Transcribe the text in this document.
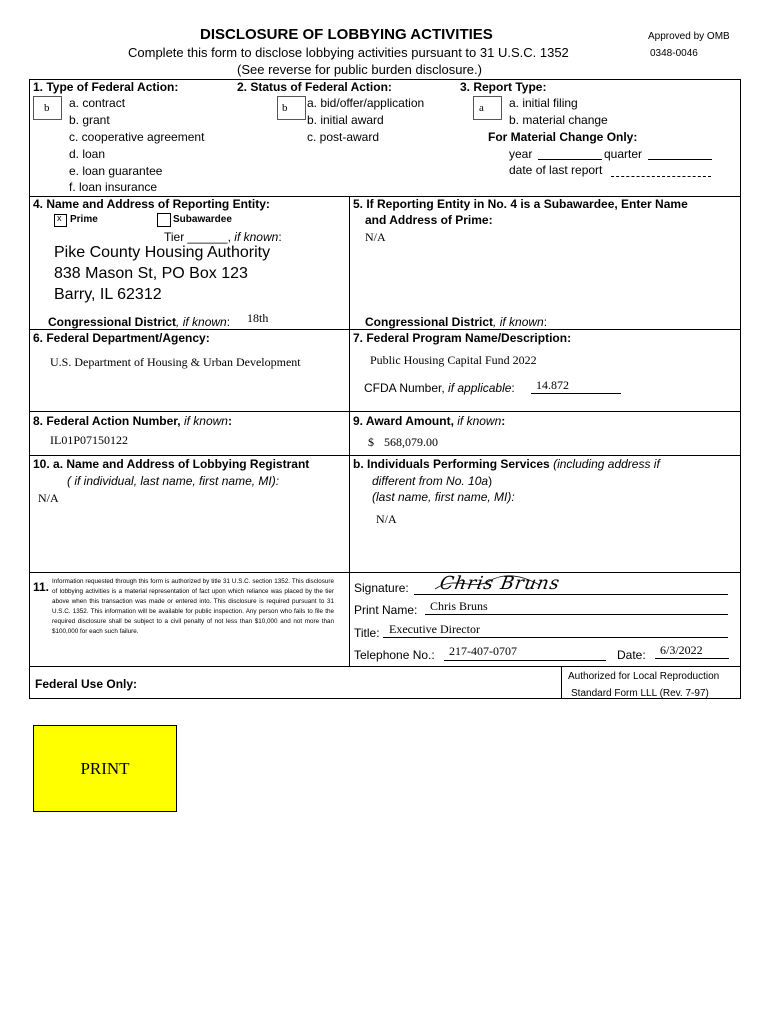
DISCLOSURE OF LOBBYING ACTIVITIES
Complete this form to disclose lobbying activities pursuant to 31 U.S.C. 1352
(See reverse for public burden disclosure.)
Approved by OMB
0348-0046
1. Type of Federal Action:
b a. contract
b. grant
c. cooperative agreement
d. loan
e. loan guarantee
f. loan insurance
2. Status of Federal Action:
b a. bid/offer/application
b. initial award
c. post-award
3. Report Type:
a a. initial filing
b. material change
For Material Change Only:
year	quarter
date of last report
4. Name and Address of Reporting Entity:
x Prime	Subawardee
Tier ______, if known:
Pike County Housing Authority
838 Mason St, PO Box 123
Barry, IL 62312
Congressional District, if known: 18th
5. If Reporting Entity in No. 4 is a Subawardee, Enter Name
and Address of Prime:
N/A
Congressional District, if known:
6. Federal Department/Agency:
U.S. Department of Housing & Urban Development
7. Federal Program Name/Description:
Public Housing Capital Fund 2022
CFDA Number, if applicable: 14.872
8. Federal Action Number, if known:
IL01P07150122
9. Award Amount, if known:
$ 568,079.00
10. a. Name and Address of Lobbying Registrant
( if individual, last name, first name, MI):
N/A
b. Individuals Performing Services (including address if
different from No. 10a)
(last name, first name, MI):
N/A
11. Information requested through this form is authorized by title 31 U.S.C. section 1352. This disclosure of lobbying activities is a material representation of fact upon which reliance was placed by the tier above when this transaction was made or entered into. This disclosure is required pursuant to 31 U.S.C. 1352. This information will be available for public inspection. Any person who fails to file the required disclosure shall be subject to a civil penalty of not less than $10,000 and not more than $100,000 for each such failure.
Signature: Chris Bruns
Print Name: Chris Bruns
Title: Executive Director
Telephone No.: 217-407-0707	Date: 6/3/2022
Federal Use Only:
Authorized for Local Reproduction
Standard Form LLL (Rev. 7-97)
PRINT
